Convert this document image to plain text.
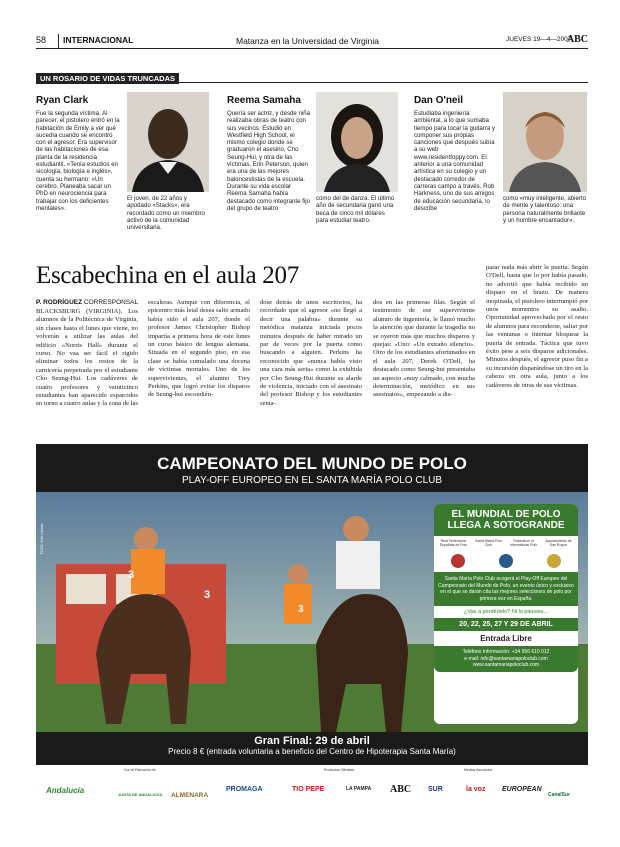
58	INTERNACIONAL	Matanza en la Universidad de Virginia	JUEVES 19—4—2007
ABC
UN ROSARIO DE VIDAS TRUNCADAS
Ryan Clark
Fue la segunda víctima. Al parecer, el pistolero entró en la habitación de Emily a ver qué sucedía cuando se encontró con el agresor. Era supervisor de las habitaciones de esa planta de la residencia estudiantil. «Tenía estudios en sicología, biología e inglés», cuenta su hermano: «Un cerebro. Planeaba sacar un PhD en neurociencia para trabajar con los deficientes mentales».
El joven, de 22 años y apodado «Stacks», era recordado como un miembro activo de la comunidad universitaria.
Reema Samaha
Quería ser actriz, y desde niña realizaba obras de teatro con sus vecinos. Estudió en Westfield High School, el mismo colegio donde se graduaron el asesino, Cho Seung-Hui, y otra de las víctimas, Erin Peterson, quien era una de las mejores baloncestistas de la escuela. Durante su vida escolar Reema Samaha había destacado como integrante fijo del grupo de teatro
como del de danza. El último año de secundaria ganó una beca de cinco mil dólares para estudiar teatro.
Dan O'neil
Estudiaba ingeniería ambiental, a lo que sumaba tiempo para tocar la guitarra y componer sus propias canciones que después subía a su web www.residentfoppy.com. El anterior a una comunidad artística en su colegio y un destacado corredor de carreras campo a través. Rob Harkness, uno de sus amigos de educación secundaria, lo describe
como «muy inteligente, abierto de mente y talentoso: una persona naturalmente brillante y un hombre encantador».
Escabechina en el aula 207
P. RODRÍGUEZ CORRESPONSAL
BLACKSBURG (VIRGINIA). Los alumnos de la Politécnica de Virginia, sin clases hasta el lunes que viene, no volverán a utilizar las aulas del edificio «Norris Hall» durante el curso. No vaa ser fácil el rigido eliminar todos los restos de la carnicería perpetrada por el estudiante Cho Seung-Hui. Los cadáveres de cuatro profesores y veinticinco estudiantes han aparecido esparcidos en torno a cuatro aulas y la zona de las
escaleras. Aunque con diferencia, el epicentro más letal desea salto armado había sido el aula 207, donde el profesor James Christopher Bishop impartía a primera hora de este lunes un curso básico de lengua alemana. Situada en el segundo piso, en esa clase se había cumulado una docena de víctimas mortales. Uno de los supervivientes, el alumno Trey Perkins, que logró evitar los disparos de Seung-hui escondién-
dose detrás de unos escritorios, ha recordado que el agresor «no llegó a decir una palabra» durante su metódica matanza iniciada pocos minutos después de haber mirado un par de veces por la puerta como buscando a alguien. Perkins ha reconocido que «nunca había visto una cara más seria» como la exhibida por Cho Seung-Hui durante su alarde de violencia, iniciado con el asesinato del profesor Bishop y los estudiantes senta-
dos en las primeras filas. Según el testimonio de ese superviviente alumno de ingeniería, le llamó mucho la atención que durante la tragedia no se oyeron más que muchos disparos y quejas: «Uno: «Un extraño silencio». Otro de los estudiantes afortunados en el aula 207, Derek O'Dell, ha destacado como Seung-hui presentaba un aspecto «muy calmado, con mucha determinación, metódico en sus asesinatos», empezando a dis-
parar nada más abrir la puerta. Según O'Dell, hasta que lo por había pasado, no advirtió que había recibido un disparo en el brazo. De manera inopinada, el pistolero interrumpió por unos momentos su asalto. Oportunidad aprovechada por el resto de alumnos para esconderse, saltar por las ventanas o intentar bloquear la puerta de entrada. Táctica que tuvo éxito pese a seis disparos adicionales. Minutos después, el agresor puso fin a su incursión disparándose un tiro en la cabeza en otra aula, junto a los cadáveres de otras de sus víctimas.
CAMPEONATO DEL MUNDO DE POLO
PLAY-OFF EUROPEO EN EL SANTA MARÍA POLO CLUB
3
3
3
EL MUNDIAL DE POLO LLEGA A SOTOGRANDE
Real Federación Española de Polo
Santa María Polo Club
Federation of International Polo
Ayuntamiento de San Roque
Santa María Polo Club acogerá el Play-Off Europeo del Campeonato del Mundo de Polo, un evento único y exclusivo en el que se darán cita las mejores selecciones de polo por primera vez en España.
¿Vas a perdértelo? Ni lo pienses...
20, 22, 25, 27 Y 29 DE ABRIL
Entrada Libre
Teléfono Información: +34 956 610 012
e-mail: info@santamariapoloclub.com
www.santamariapoloclub.com
FOTO: Kike Llamas
Gran Final: 29 de abril
Precio 8 € (entrada voluntaria a beneficio del Centro de Hipoterapia Santa María)
Con el Patrocinio de	Productos Oficiales	Medios Asociados
Andalucía	JUNTA DE ANDALUCÍA ALMENARA
PROMAGA	TIO PEPE	LA PAMPA ABC SUR	la voz EUROPEAN
CanalSur
